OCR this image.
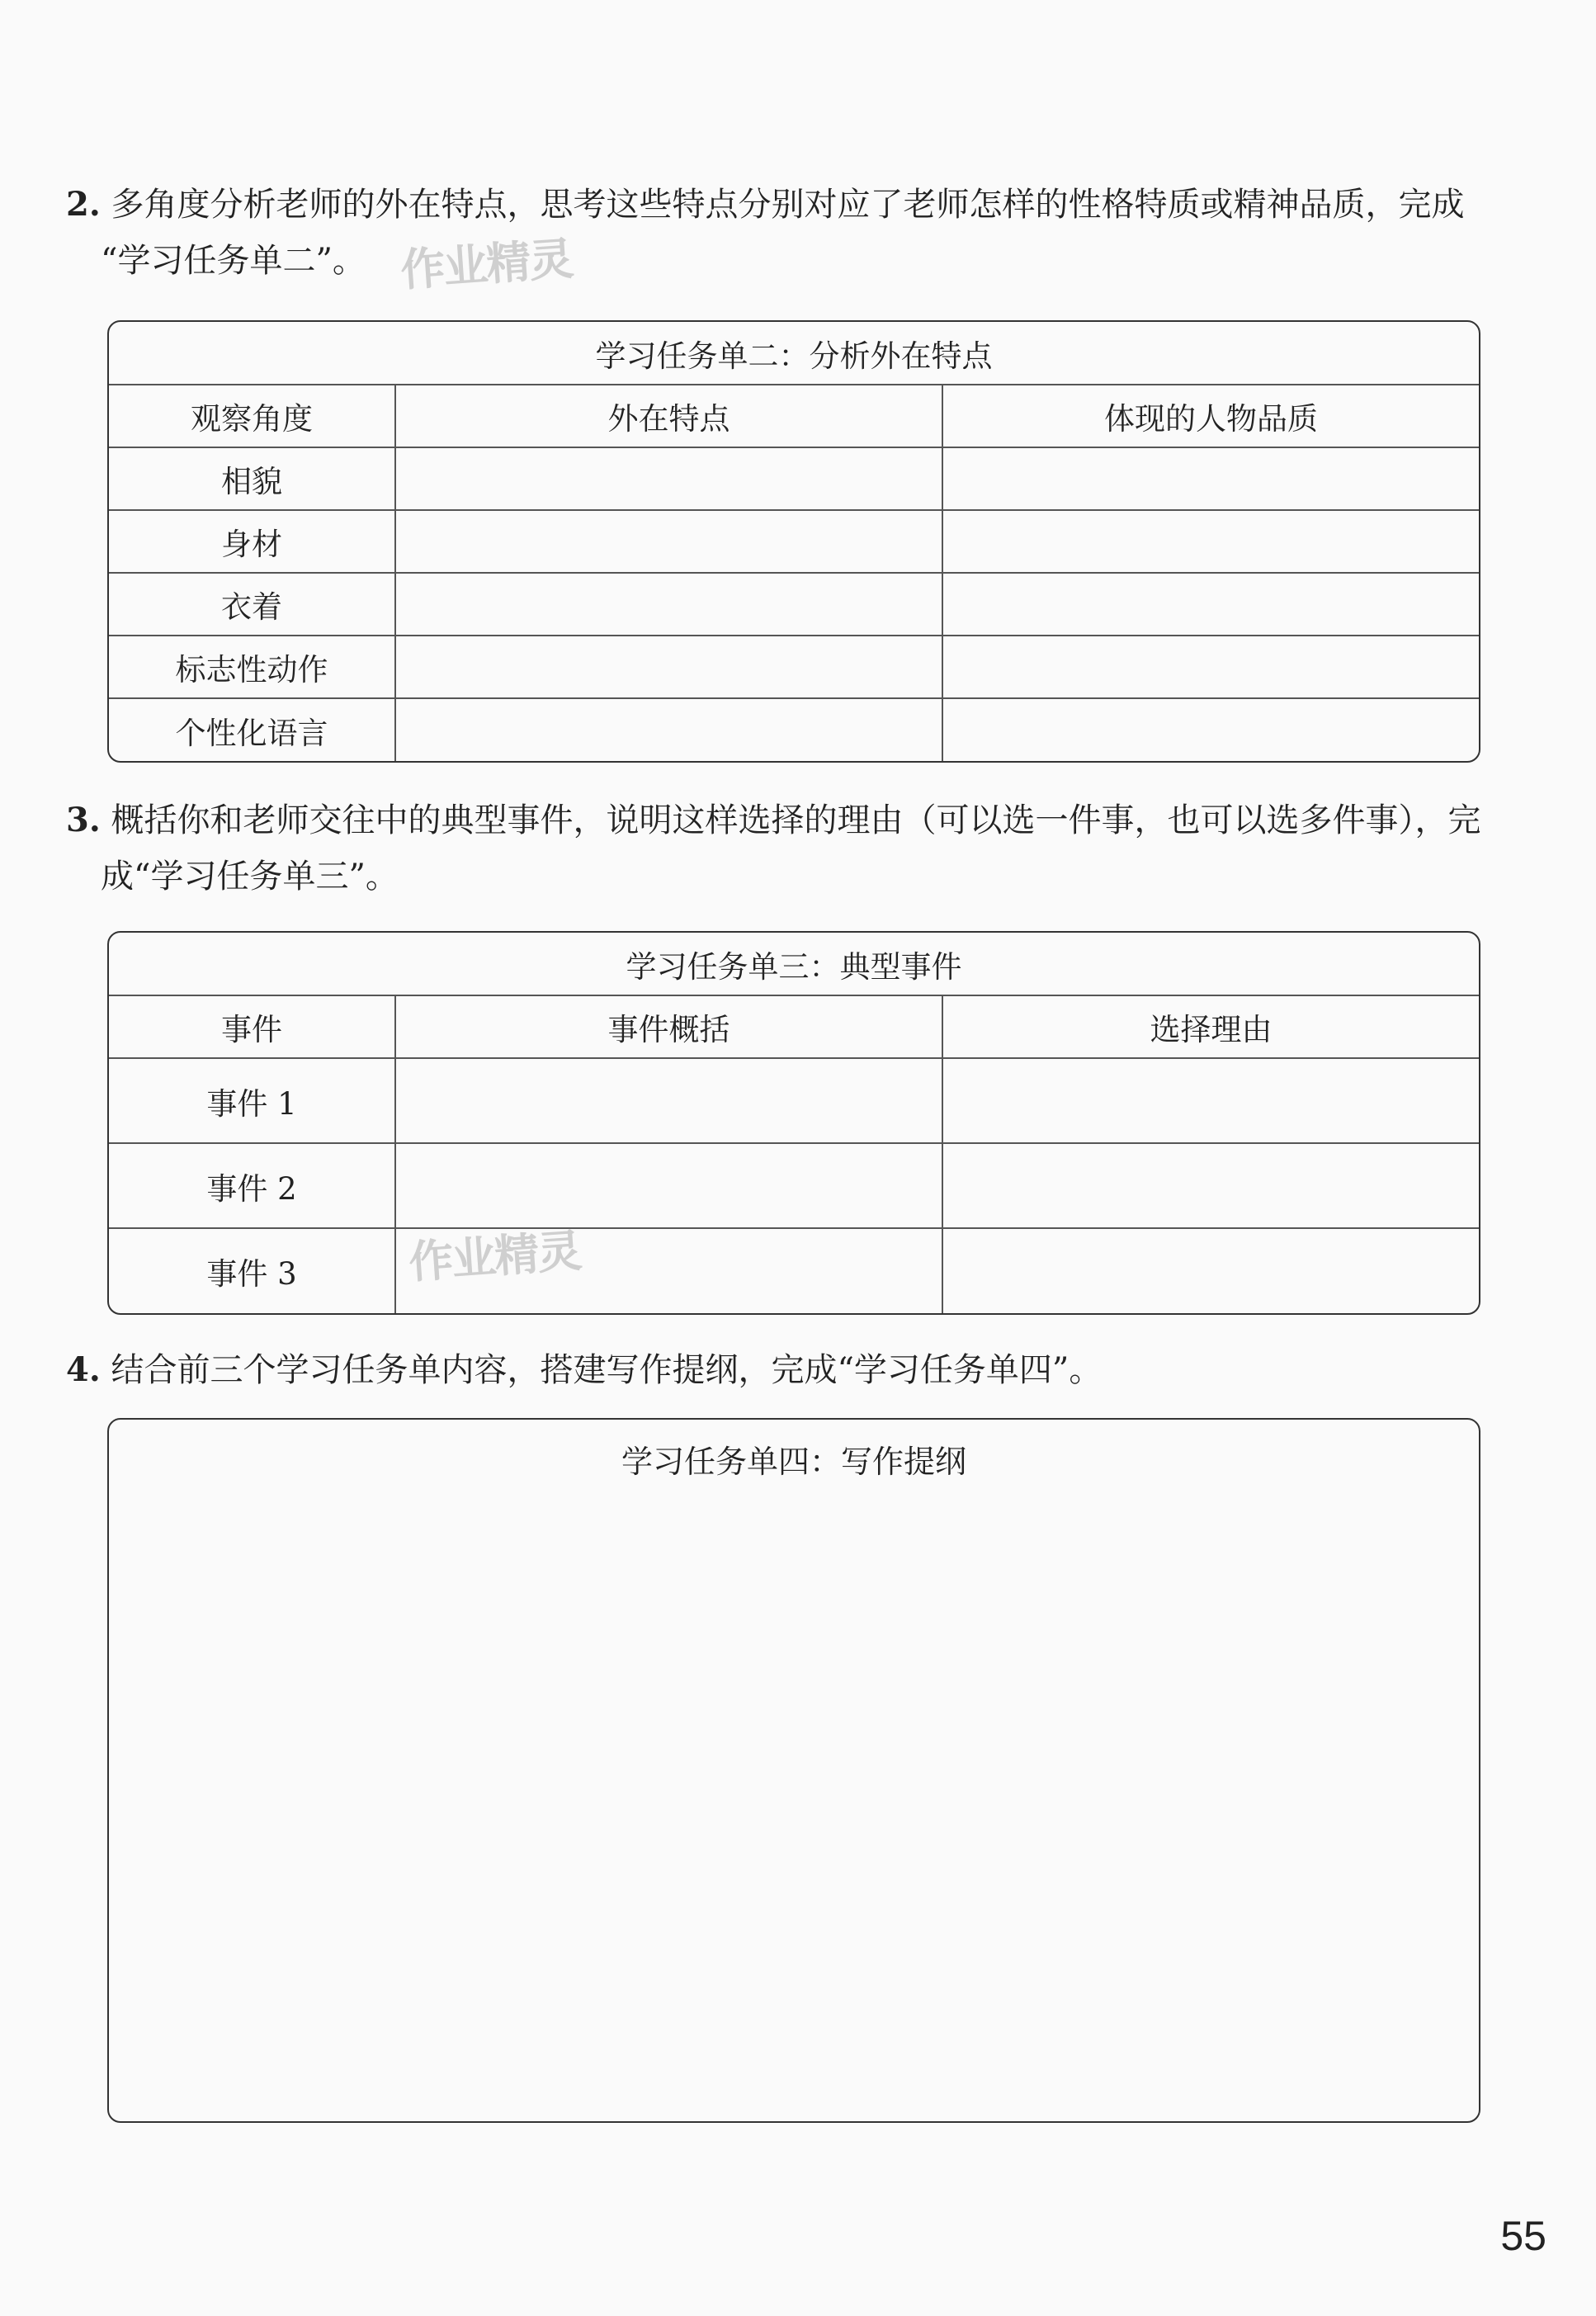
2. 多角度分析老师的外在特点，思考这些特点分别对应了老师怎样的性格特质或精神品质，完成
“学习任务单二”。 作业精灵
学习任务单二：分析外在特点		
观察角度	外在特点	体现的人物品质
相貌		
身材		
衣着		
标志性动作		
个性化语言		
3. 概括你和老师交往中的典型事件，说明这样选择的理由（可以选一件事，也可以选多件事），完
成“学习任务单三”。
学习任务单三：典型事件		
事件	事件概括	选择理由
事件 1		
事件 2		
事件 3		作业精灵
4. 结合前三个学习任务单内容，搭建写作提纲，完成“学习任务单四”。
学习任务单四：写作提纲
55
